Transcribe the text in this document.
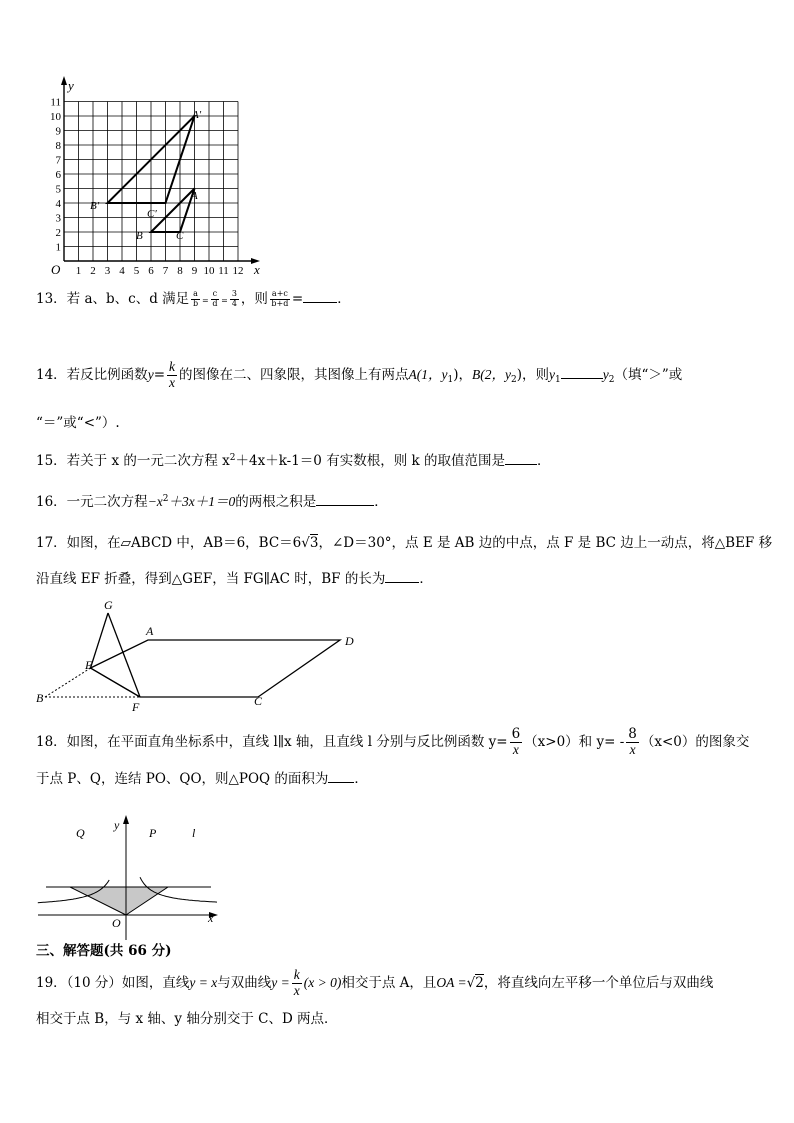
1 2 3 4 5 6 7 8 9 10 11 12
1
2
3
4
5
6
7
8
9
10
11
y
x
O
A′
B′
C′
A
B	C
13．若 a、b、c、d 满足 $\frac{a}{b} = \frac{c}{d} = \frac{3}{4}$ ，则 $\frac{a+c}{b+d}$ =	．
14．若反比例函数$y= \frac{k}{x}$ 的图像在二、四象限，其图像上有两点A(1，$y_1$)，B(2，$y_2$)，则$y_1$	$y_2$（填“＞”或
“＝”或“<”）.
15．若关于 x 的一元二次方程 $x^2+4x+k-1=0$ 有实数根，则 k 的取值范围是 ．
16．一元二次方程$-x^2+3x+1=0$的两根之积是	．
17．如图，在▱ABCD 中，AB＝6，BC＝6√3，∠D＝30°，点 E 是 AB 边的中点，点 F 是 BC 边上一动点，将△BEF 移
沿直线 EF 折叠，得到△GEF，当 FG∥AC 时，BF 的长为	．
G
A
D
E
B
F	C
18．如图，在平面直角坐标系中，直线 l∥x 轴，且直线 l 分别与反比例函数 $y= \frac{6}{x} (x>0)$和 $y= - \frac{8}{x} (x<0)$的图象交
于点 P、Q，连结 PO、QO，则△POQ 的面积为 ．
y
x
O
Q	P	l
三、解答题(共 66 分)
19．（10 分）如图，直线y = x与双曲线$y = \frac{k}{x} (x > 0)$相交于点 A，且OA =√2，将直线向左平移一个单位后与双曲线
相交于点 B，与 x 轴、y 轴分别交于 C、D 两点．
